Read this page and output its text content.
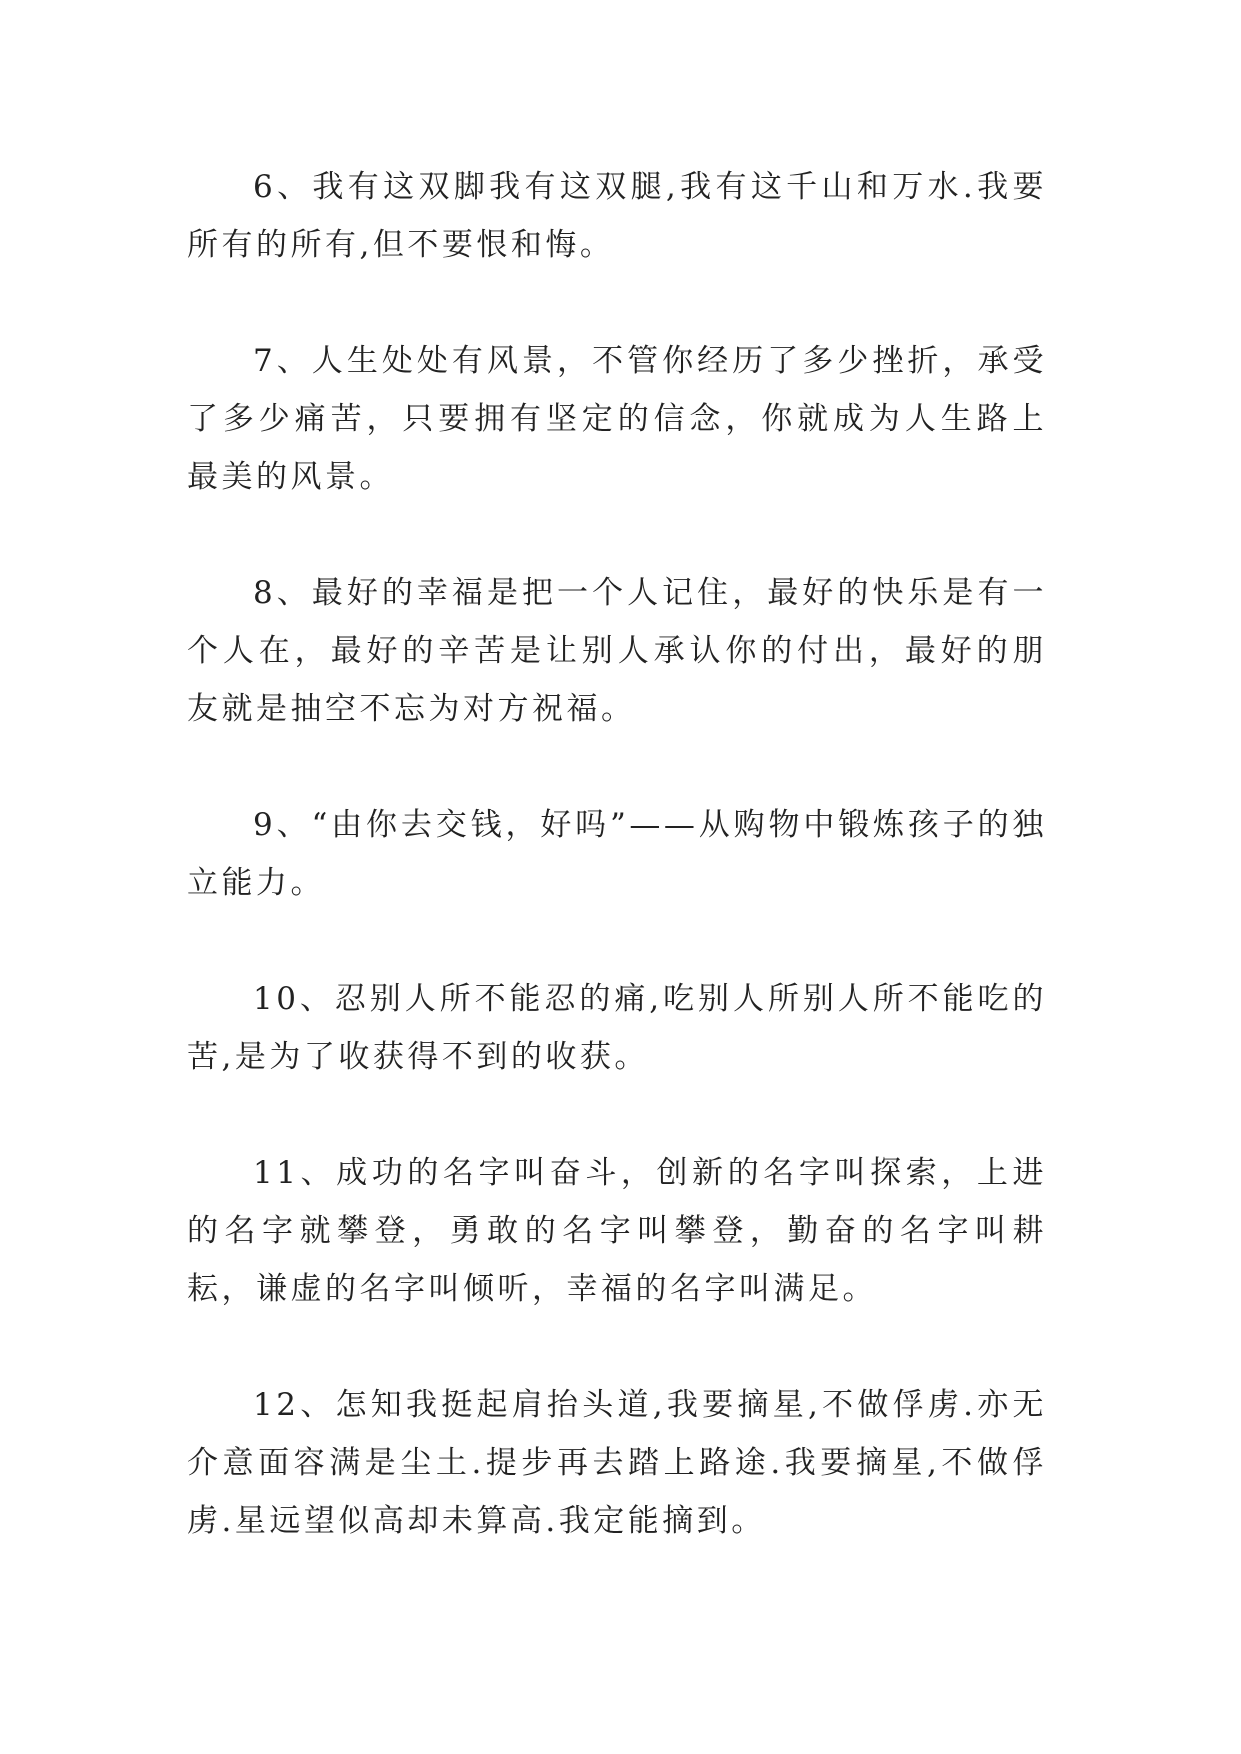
6、我有这双脚我有这双腿,我有这千山和万水.我要所有的所有,但不要恨和悔。

7、人生处处有风景，不管你经历了多少挫折，承受了多少痛苦，只要拥有坚定的信念，你就成为人生路上最美的风景。

8、最好的幸福是把一个人记住，最好的快乐是有一个人在，最好的辛苦是让别人承认你的付出，最好的朋友就是抽空不忘为对方祝福。

9、“由你去交钱，好吗”——从购物中锻炼孩子的独立能力。

10、忍别人所不能忍的痛,吃别人所别人所不能吃的苦,是为了收获得不到的收获。

11、成功的名字叫奋斗，创新的名字叫探索，上进的名字就攀登，勇敢的名字叫攀登，勤奋的名字叫耕耘，谦虚的名字叫倾听，幸福的名字叫满足。

12、怎知我挺起肩抬头道,我要摘星,不做俘虏.亦无介意面容满是尘土.提步再去踏上路途.我要摘星,不做俘虏.星远望似高却未算高.我定能摘到。
